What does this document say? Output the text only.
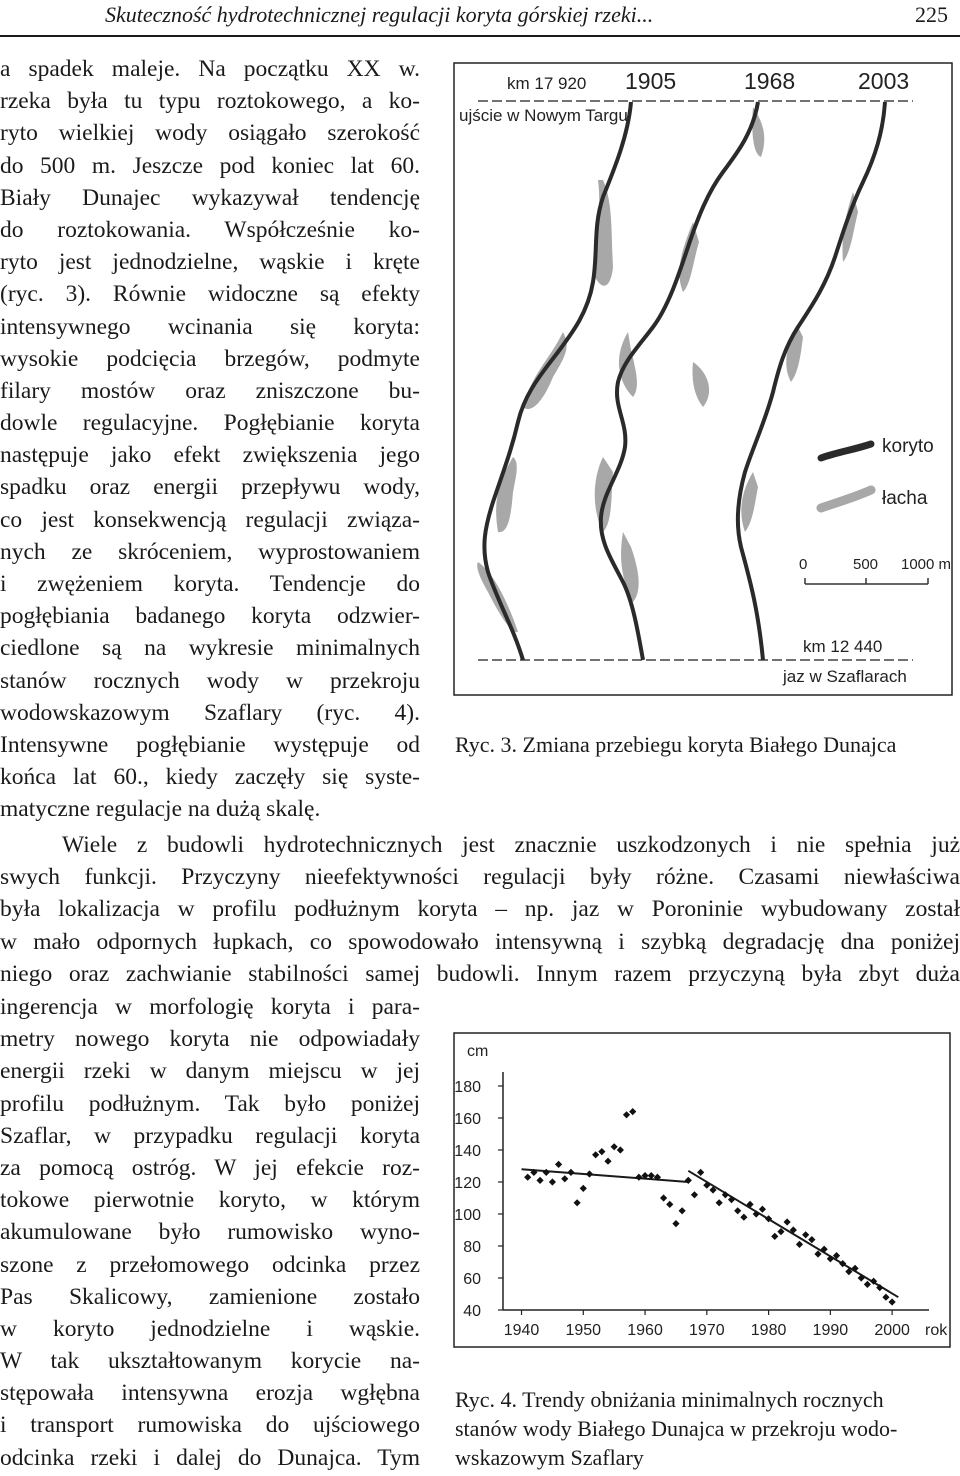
Skuteczność hydrotechnicznej regulacji koryta górskiej rzeki...	225
a spadek maleje. Na początku XX w.
rzeka była tu typu roztokowego, a ko-
ryto wielkiej wody osiągało szerokość
do 500 m. Jeszcze pod koniec lat 60.
Biały Dunajec wykazywał tendencję
do roztokowania. Współcześnie ko-
ryto jest jednodzielne, wąskie i kręte
(ryc. 3). Równie widoczne są efekty
intensywnego wcinania się koryta:
wysokie podcięcia brzegów, podmyte
filary mostów oraz zniszczone bu-
dowle regulacyjne. Pogłębianie koryta
następuje jako efekt zwiększenia jego
spadku oraz energii przepływu wody,
co jest konsekwencją regulacji związa-
nych ze skróceniem, wyprostowaniem
i zwężeniem koryta. Tendencje do
pogłębiania badanego koryta odzwier-
ciedlone są na wykresie minimalnych
stanów rocznych wody w przekroju
wodowskazowym Szaflary (ryc. 4).
Intensywne pogłębianie występuje od
końca lat 60., kiedy zaczęły się syste-
matyczne regulacje na dużą skalę.
km 17 920 1905	1968	2003
ujście w Nowym Targu
koryto
łacha
0	500 1000 m
km 12 440
jaz w Szaflarach
Ryc. 3. Zmiana przebiegu koryta Białego Dunajca
Wiele z budowli hydrotechnicznych jest znacznie uszkodzonych i nie spełnia już
swych funkcji. Przyczyny nieefektywności regulacji były różne. Czasami niewłaściwa
była lokalizacja w profilu podłużnym koryta – np. jaz w Poroninie wybudowany został
w mało odpornych łupkach, co spowodowało intensywną i szybką degradację dna poniżej
niego oraz zachwianie stabilności samej budowli. Innym razem przyczyną była zbyt duża
ingerencja w morfologię koryta i para-
metry nowego koryta nie odpowiadały
energii rzeki w danym miejscu w jej
profilu podłużnym. Tak było poniżej
Szaflar, w przypadku regulacji koryta
za pomocą ostróg. W jej efekcie roz-
tokowe pierwotnie koryto, w którym
akumulowane było rumowisko wyno-
szone z przełomowego odcinka przez
Pas Skalicowy, zamienione zostało
w koryto jednodzielne i wąskie.
W tak ukształtowanym korycie na-
stępowała intensywna erozja wgłębna
i transport rumowiska do ujściowego
odcinka rzeki i dalej do Dunajca. Tym
40
60
80
100
120
140
160
180
1940 1950 1960 1970 1980 1990 2000
cm
rok
Ryc. 4. Trendy obniżania minimalnych rocznych
stanów wody Białego Dunajca w przekroju wodo-
wskazowym Szaflary
